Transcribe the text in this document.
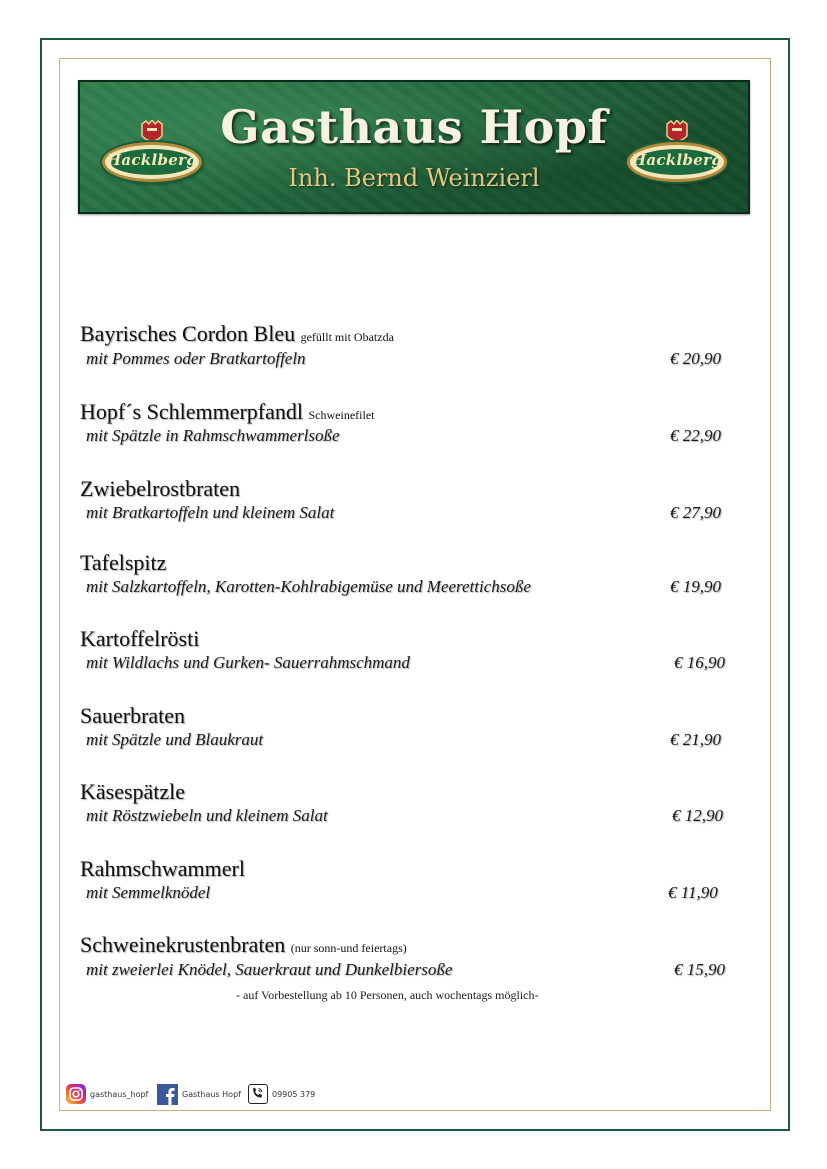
Hacklberg
Gasthaus Hopf
Inh. Bernd Weinzierl
Hacklberg
Bayrisches Cordon Bleu gefüllt mit Obatzda
mit Pommes oder Bratkartoffeln	€ 20,90
Hopf´s Schlemmerpfandl Schweinefilet
mit Spätzle in Rahmschwammerlsoße	€ 22,90
Zwiebelrostbraten
mit Bratkartoffeln und kleinem Salat	€ 27,90
Tafelspitz
mit Salzkartoffeln, Karotten-Kohlrabigemüse und Meerettichsoße	€ 19,90
Kartoffelrösti
mit Wildlachs und Gurken- Sauerrahmschmand	€ 16,90
Sauerbraten
mit Spätzle und Blaukraut	€ 21,90
Käsespätzle
mit Röstzwiebeln und kleinem Salat	€ 12,90
Rahmschwammerl
mit Semmelknödel	€ 11,90
Schweinekrustenbraten (nur sonn-und feiertags)
mit zweierlei Knödel, Sauerkraut und Dunkelbiersoße	€ 15,90
- auf Vorbestellung ab 10 Personen, auch wochentags möglich-
gasthaus_hopf	Gasthaus Hopf	09905 379
